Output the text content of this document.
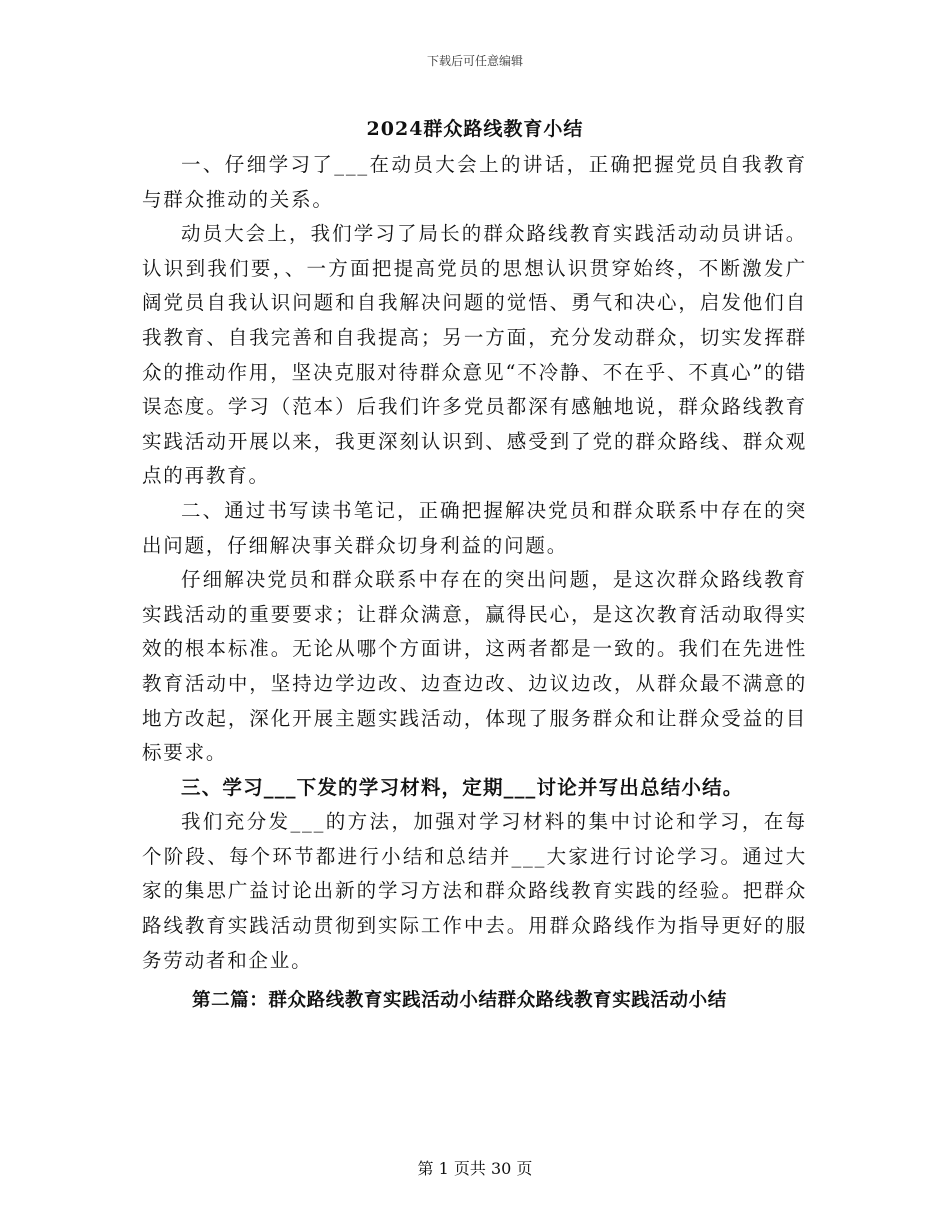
下载后可任意编辑
2024群众路线教育小结

一、仔细学习了___在动员大会上的讲话，正确把握党员自我教育与群众推动的关系。

动员大会上，我们学习了局长的群众路线教育实践活动动员讲话。认识到我们要，、一方面把提高党员的思想认识贯穿始终，不断激发广阔党员自我认识问题和自我解决问题的觉悟、勇气和决心，启发他们自我教育、自我完善和自我提高；另一方面，充分发动群众，切实发挥群众的推动作用，坚决克服对待群众意见“不冷静、不在乎、不真心”的错误态度。学习（范本）后我们许多党员都深有感触地说，群众路线教育实践活动开展以来，我更深刻认识到、感受到了党的群众路线、群众观点的再教育。

二、通过书写读书笔记，正确把握解决党员和群众联系中存在的突出问题，仔细解决事关群众切身利益的问题。

仔细解决党员和群众联系中存在的突出问题，是这次群众路线教育实践活动的重要要求；让群众满意，赢得民心，是这次教育活动取得实效的根本标准。无论从哪个方面讲，这两者都是一致的。我们在先进性教育活动中，坚持边学边改、边查边改、边议边改，从群众最不满意的地方改起，深化开展主题实践活动，体现了服务群众和让群众受益的目标要求。

三、学习___下发的学习材料，定期___讨论并写出总结小结。

我们充分发___的方法，加强对学习材料的集中讨论和学习，在每个阶段、每个环节都进行小结和总结并___大家进行讨论学习。通过大家的集思广益讨论出新的学习方法和群众路线教育实践的经验。把群众路线教育实践活动贯彻到实际工作中去。用群众路线作为指导更好的服务劳动者和企业。

第二篇：群众路线教育实践活动小结群众路线教育实践活动小结

第 1 页共 30 页
